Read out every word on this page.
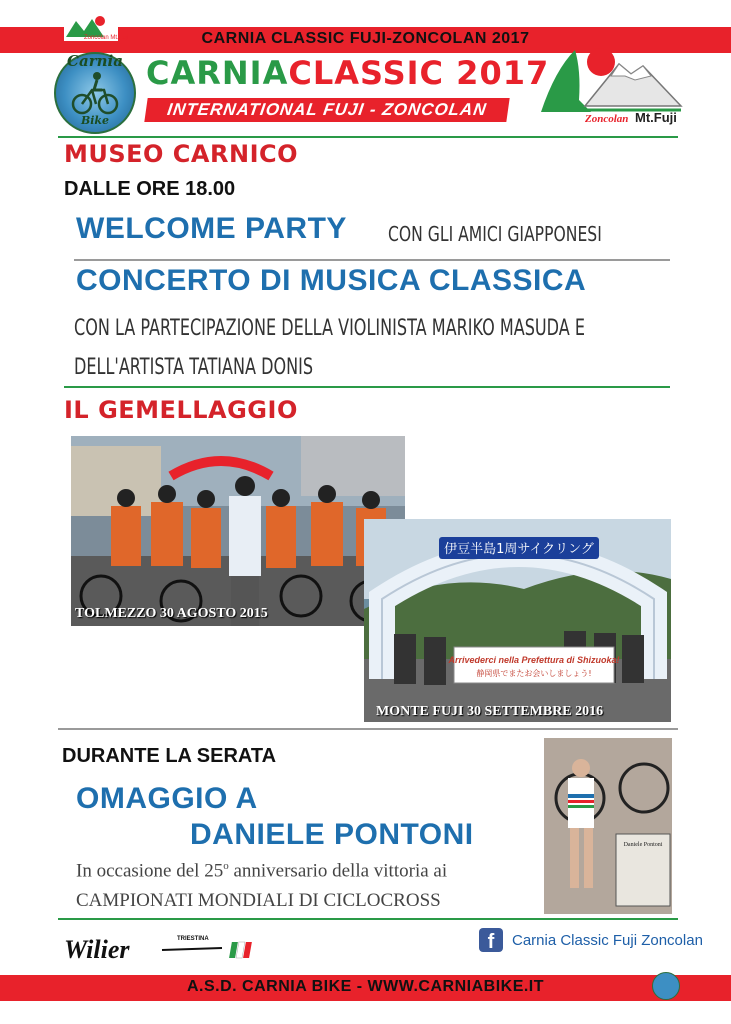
CARNIA CLASSIC FUJI-ZONCOLAN 2017
Zoncolan Mt.Fuji
Carnia
Bike
CARNIACLASSIC 2017
INTERNATIONAL FUJI - ZONCOLAN	Zoncolan Mt.Fuji
MUSEO CARNICO
DALLE ORE 18.00
WELCOME PARTY CON GLI AMICI GIAPPONESI
CONCERTO DI MUSICA CLASSICA
CON LA PARTECIPAZIONE DELLA VIOLINISTA MARIKO MASUDA E
DELL'ARTISTA TATIANA DONIS
IL GEMELLAGGIO
TOLMEZZO 30 AGOSTO 2015
伊豆半島1周サイクリング
Arrivederci nella Prefettura di Shizuoka!
静岡県でまたお会いしましょう!
MONTE FUJI 30 SETTEMBRE 2016
DURANTE LA SERATA
OMAGGIO A
DANIELE PONTONI
In occasione del 25$^o$ anniversario della vittoria ai
CAMPIONATI MONDIALI DI CICLOCROSS
Daniele Pontoni
Wilier	TRIESTINA	f	Carnia Classic Fuji Zoncolan
A.S.D. CARNIA BIKE - WWW.CARNIABIKE.IT
